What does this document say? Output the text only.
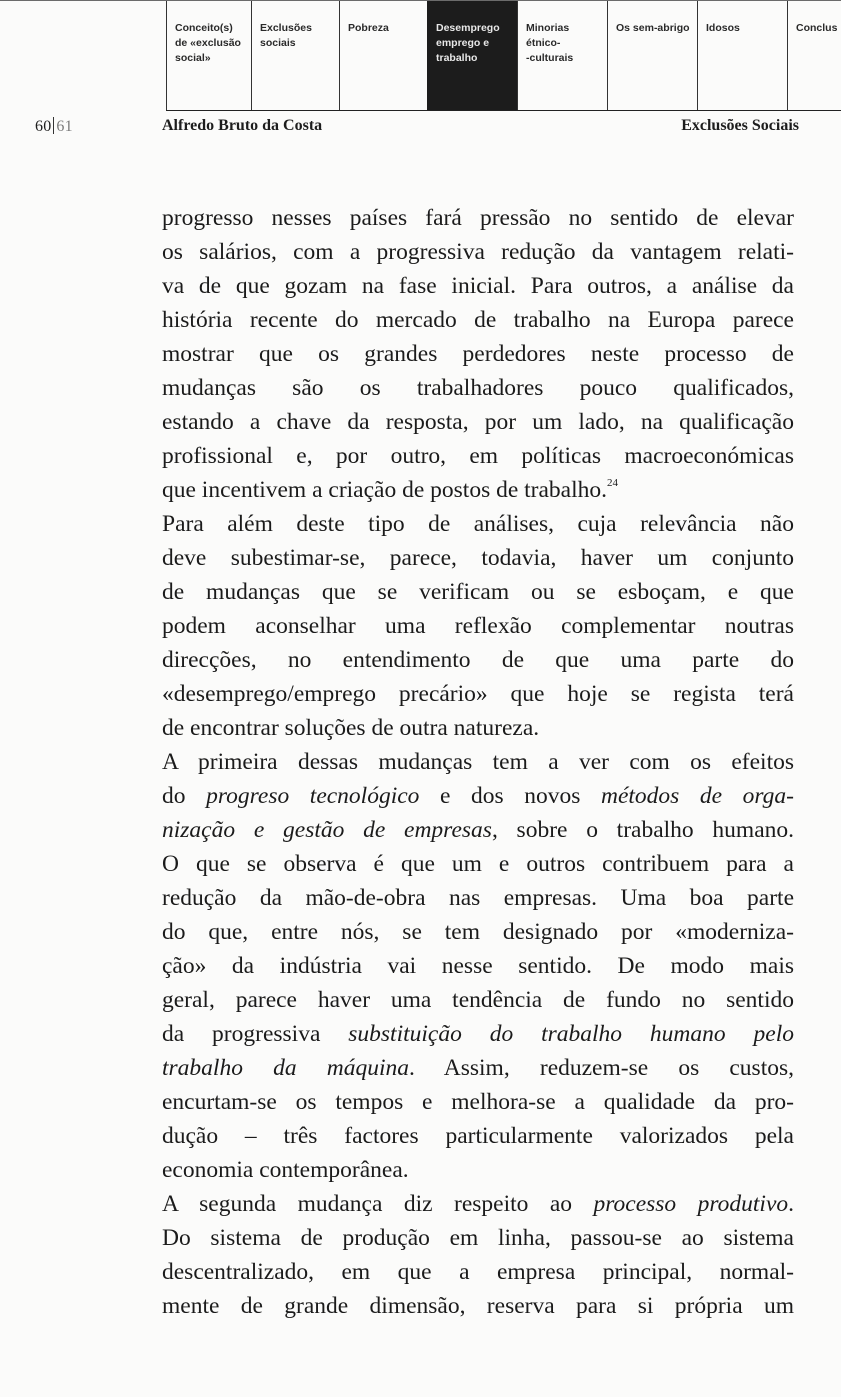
Conceito(s)
de «exclusão
social»
Exclusões
sociais
Pobreza	Desemprego
emprego e
trabalho
Minorias
étnico-
-culturais
Os sem-abrigo	Idosos	Conclus
60 61	Alfredo Bruto da Costa	Exclusões Sociais
progresso nesses países fará pressão no sentido de elevar
os salários, com a progressiva redução da vantagem relati-
va de que gozam na fase inicial. Para outros, a análise da
história recente do mercado de trabalho na Europa parece
mostrar que os grandes perdedores neste processo de
mudanças são os trabalhadores pouco qualificados,
estando a chave da resposta, por um lado, na qualificação
profissional e, por outro, em políticas macroeconómicas
que incentivem a criação de postos de trabalho.$^{24}$
Para além deste tipo de análises, cuja relevância não
deve subestimar-se, parece, todavia, haver um conjunto
de mudanças que se verificam ou se esboçam, e que
podem aconselhar uma reflexão complementar noutras
direcções, no entendimento de que uma parte do
«desemprego/emprego precário» que hoje se regista terá
de encontrar soluções de outra natureza.
A primeira dessas mudanças tem a ver com os efeitos
do progreso tecnológico e dos novos métodos de orga-
nização e gestão de empresas, sobre o trabalho humano.
O que se observa é que um e outros contribuem para a
redução da mão-de-obra nas empresas. Uma boa parte
do que, entre nós, se tem designado por «moderniza-
ção» da indústria vai nesse sentido. De modo mais
geral, parece haver uma tendência de fundo no sentido
da progressiva substituição do trabalho humano pelo
trabalho da máquina. Assim, reduzem-se os custos,
encurtam-se os tempos e melhora-se a qualidade da pro-
dução – três factores particularmente valorizados pela
economia contemporânea.
A segunda mudança diz respeito ao processo produtivo.
Do sistema de produção em linha, passou-se ao sistema
descentralizado, em que a empresa principal, normal-
mente de grande dimensão, reserva para si própria um
